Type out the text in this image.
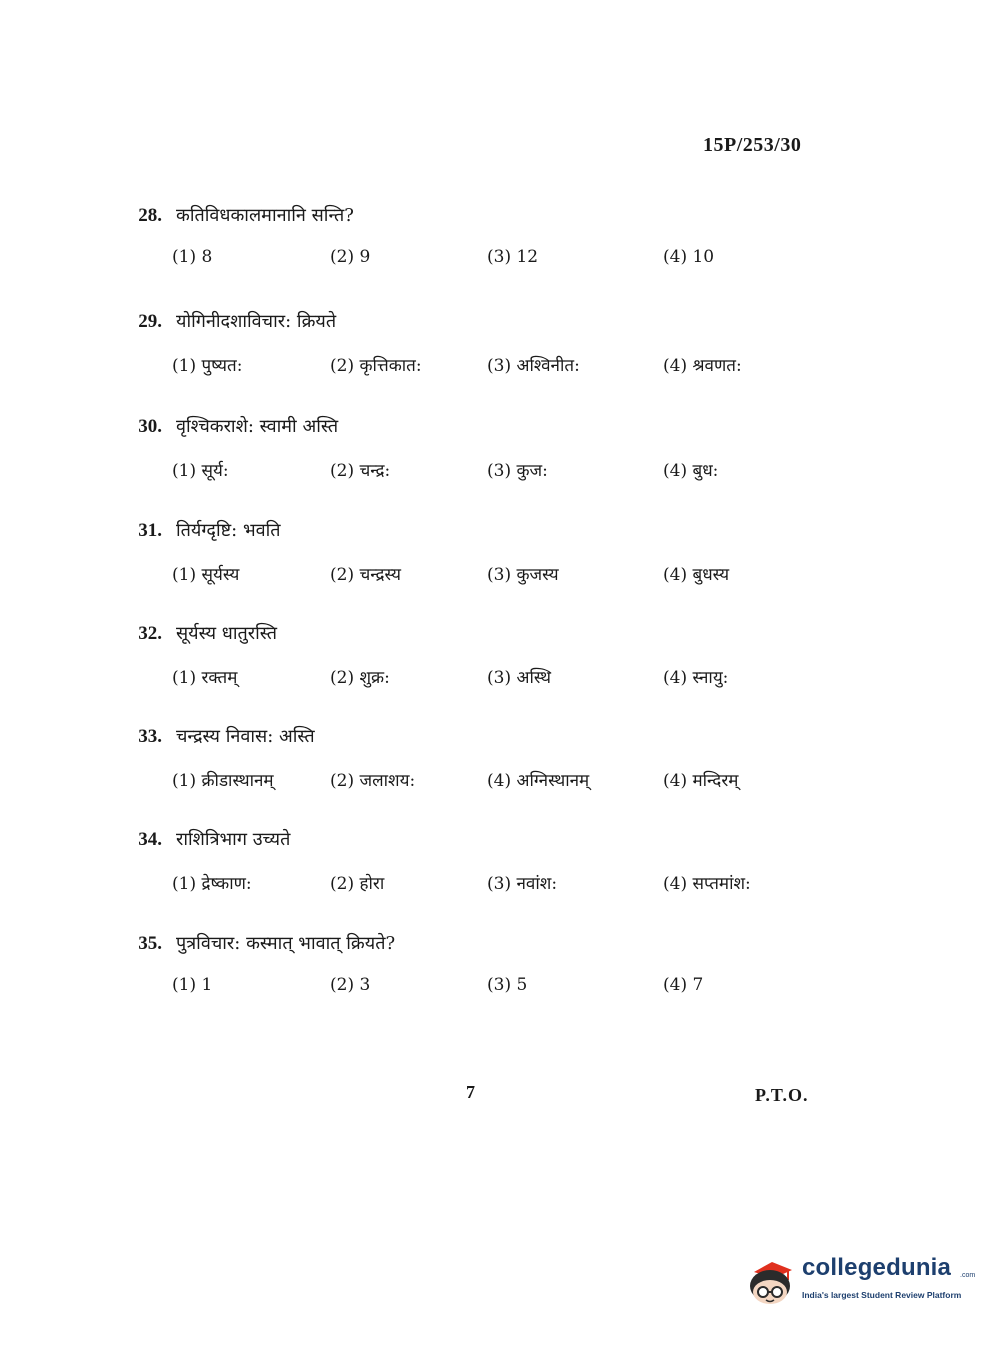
15P/253/30
28. कतिविधकालमानानि सन्ति?
(1) 8	(2) 9	(3) 12	(4) 10
29. योगिनीदशाविचार: क्रियते
(1) पुष्यत:	(2) कृत्तिकात:	(3) अश्विनीत:	(4) श्रवणत:
30. वृश्चिकराशे: स्वामी अस्ति
(1) सूर्य:	(2) चन्द्र:	(3) कुज:	(4) बुध:
31. तिर्यग्दृष्टि: भवति
(1) सूर्यस्य	(2) चन्द्रस्य	(3) कुजस्य	(4) बुधस्य
32. सूर्यस्य धातुरस्ति
(1) रक्तम्	(2) शुक्र:	(3) अस्थि	(4) स्नायु:
33. चन्द्रस्य निवास: अस्ति
(1) क्रीडास्थानम्	(2) जलाशय:	(4) अग्निस्थानम्	(4) मन्दिरम्
34. राशित्रिभाग उच्यते
(1) द्रेष्काण:	(2) होरा	(3) नवांश:	(4) सप्तमांश:
35. पुत्रविचार: कस्मात् भावात् क्रियते?
(1) 1	(2) 3	(3) 5	(4) 7
7	P.T.O.
collegedunia .com
India's largest Student Review Platform
